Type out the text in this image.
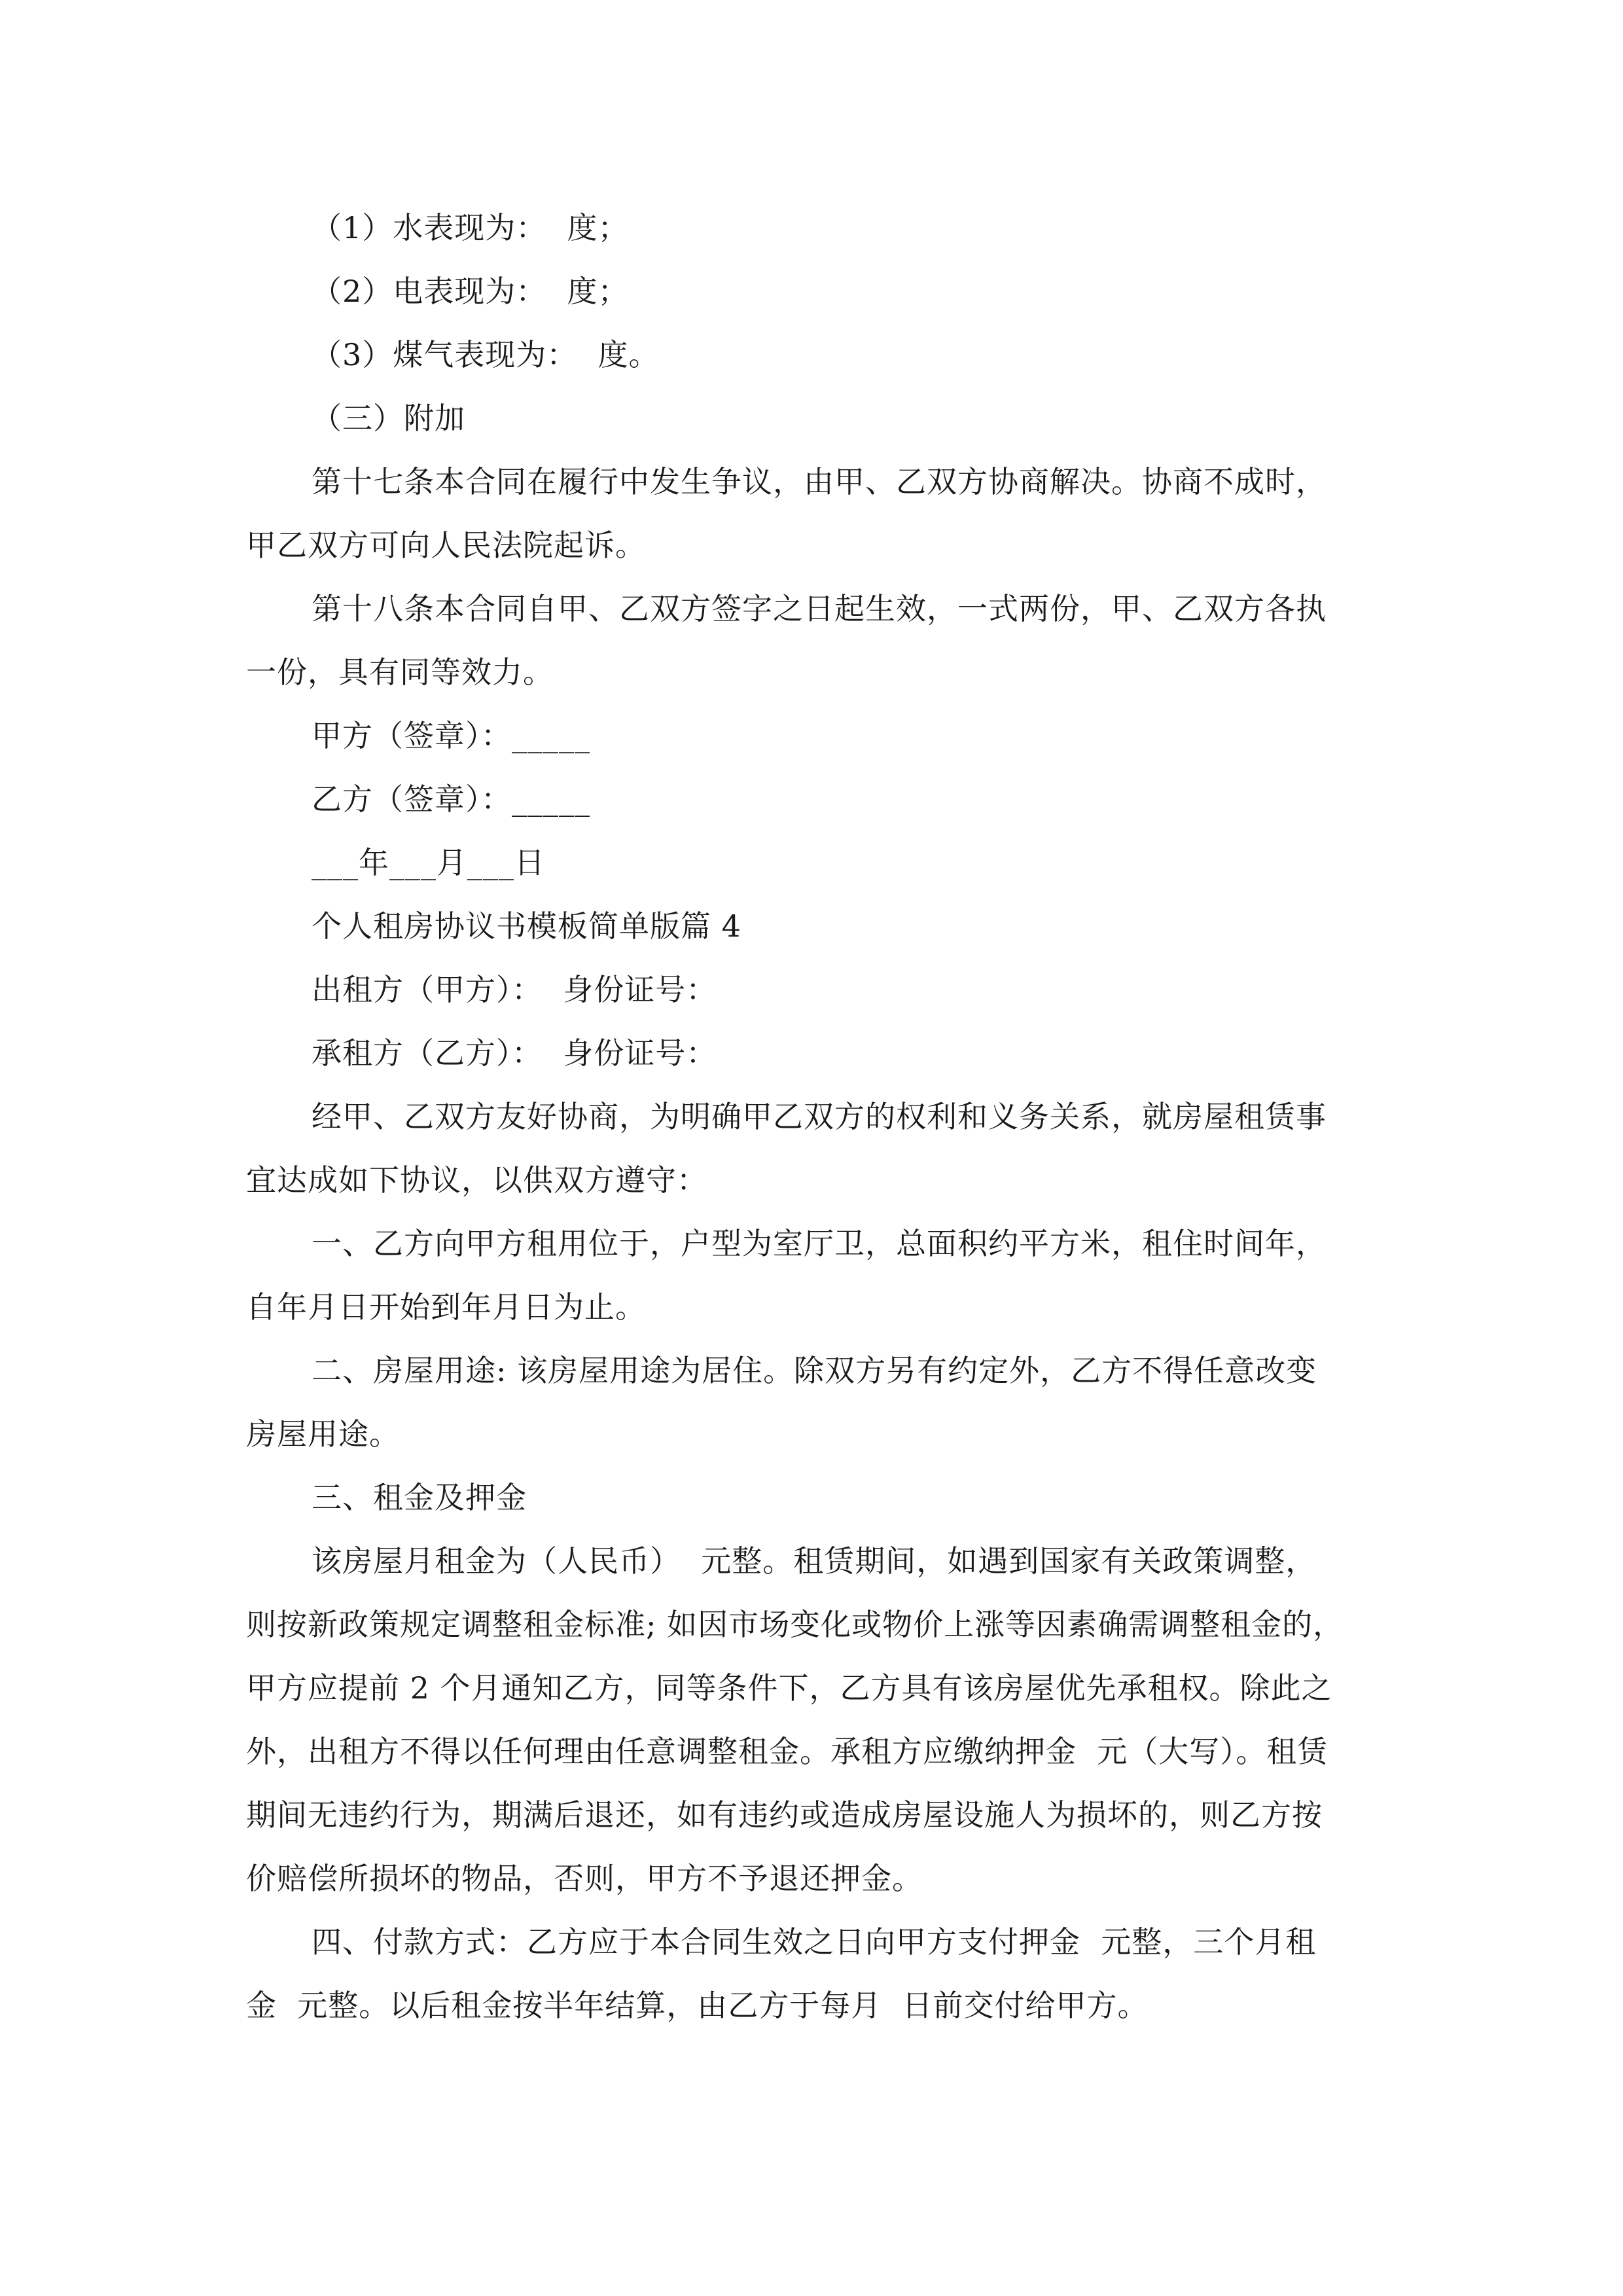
（1）水表现为：  度；
（2）电表现为：  度；
（3）煤气表现为：  度。
（三）附加
第十七条本合同在履行中发生争议，由甲、乙双方协商解决。协商不成时，
甲乙双方可向人民法院起诉。
第十八条本合同自甲、乙双方签字之日起生效，一式两份，甲、乙双方各执
一份，具有同等效力。
甲方（签章）：_____
乙方（签章）：_____
___年___月___日
个人租房协议书模板简单版篇 4
出租方（甲方）：  身份证号：
承租方（乙方）：  身份证号：
经甲、乙双方友好协商，为明确甲乙双方的权利和义务关系，就房屋租赁事
宜达成如下协议，以供双方遵守：
一、乙方向甲方租用位于，户型为室厅卫，总面积约平方米，租住时间年，
自年月日开始到年月日为止。
二、房屋用途: 该房屋用途为居住。除双方另有约定外，乙方不得任意改变
房屋用途。
三、租金及押金
该房屋月租金为（人民币）  元整。租赁期间，如遇到国家有关政策调整，
则按新政策规定调整租金标准; 如因市场变化或物价上涨等因素确需调整租金的，
甲方应提前 2 个月通知乙方，同等条件下，乙方具有该房屋优先承租权。除此之
外，出租方不得以任何理由任意调整租金。承租方应缴纳押金  元（大写）。租赁
期间无违约行为，期满后退还，如有违约或造成房屋设施人为损坏的，则乙方按
价赔偿所损坏的物品，否则，甲方不予退还押金。
四、付款方式：乙方应于本合同生效之日向甲方支付押金  元整，三个月租
金  元整。以后租金按半年结算，由乙方于每月  日前交付给甲方。
